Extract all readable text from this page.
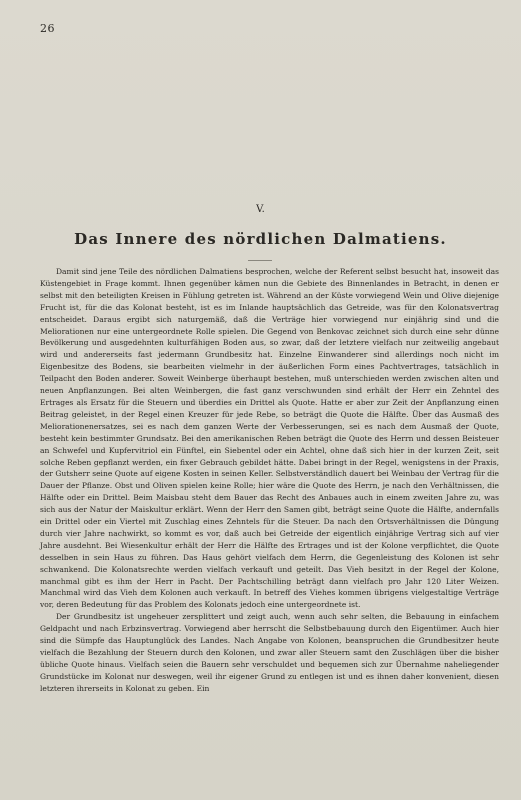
26
V.
Das Innere des nördlichen Dalmatiens.

Damit sind jene Teile des nördlichen Dalmatiens besprochen, welche der Referent selbst besucht hat, insoweit das Küstengebiet in Frage kommt. Ihnen gegenüber kämen nun die Gebiete des Binnenlandes in Betracht, in denen er selbst mit den beteiligten Kreisen in Fühlung getreten ist. Während an der Küste vorwiegend Wein und Olive diejenige Frucht ist, für die das Kolonat besteht, ist es im Inlande hauptsächlich das Getreide, was für den Kolonatsvertrag entscheidet. Daraus ergibt sich naturgemäß, daß die Verträge hier vorwiegend nur einjährig sind und die Meliorationen nur eine untergeordnete Rolle spielen. Die Gegend von Benkovac zeichnet sich durch eine sehr dünne Bevölkerung und ausgedehnten kulturfähigen Boden aus, so zwar, daß der letztere vielfach nur zeitweilig angebaut wird und andererseits fast jedermann Grundbesitz hat. Einzelne Einwanderer sind allerdings noch nicht im Eigenbesitze des Bodens, sie bearbeiten vielmehr in der äußerlichen Form eines Pachtvertrages, tatsächlich in Teilpacht den Boden anderer. Soweit Weinberge überhaupt bestehen, muß unterschieden werden zwischen alten und neuen Anpflanzungen. Bei alten Weinbergen, die fast ganz verschwunden sind erhält der Herr ein Zehntel des Ertrages als Ersatz für die Steuern und überdies ein Drittel als Quote. Hatte er aber zur Zeit der Anpflanzung einen Beitrag geleistet, in der Regel einen Kreuzer für jede Rebe, so beträgt die Quote die Hälfte. Über das Ausmaß des Meliorationenersatzes, sei es nach dem ganzen Werte der Verbesserungen, sei es nach dem Ausmaß der Quote, besteht kein bestimmter Grundsatz. Bei den amerikanischen Reben beträgt die Quote des Herrn und dessen Beisteuer an Schwefel und Kupfervitriol ein Fünftel, ein Siebentel oder ein Achtel, ohne daß sich hier in der kurzen Zeit, seit solche Reben gepflanzt werden, ein fixer Gebrauch gebildet hätte. Dabei bringt in der Regel, wenigstens in der Praxis, der Gutsherr seine Quote auf eigene Kosten in seinen Keller. Selbstverständlich dauert bei Weinbau der Vertrag für die Dauer der Pflanze. Obst und Oliven spielen keine Rolle; hier wäre die Quote des Herrn, je nach den Verhältnissen, die Hälfte oder ein Drittel. Beim Maisbau steht dem Bauer das Recht des Anbaues auch in einem zweiten Jahre zu, was sich aus der Natur der Maiskultur erklärt. Wenn der Herr den Samen gibt, beträgt seine Quote die Hälfte, andernfalls ein Drittel oder ein Viertel mit Zuschlag eines Zehntels für die Steuer. Da nach den Ortsverhältnissen die Düngung durch vier Jahre nachwirkt, so kommt es vor, daß auch bei Getreide der eigentlich einjährige Vertrag sich auf vier Jahre ausdehnt. Bei Wiesenkultur erhält der Herr die Hälfte des Ertrages und ist der Kolone verpflichtet, die Quote desselben in sein Haus zu führen. Das Haus gehört vielfach dem Herrn, die Gegenleistung des Kolonen ist sehr schwankend. Die Kolonatsrechte werden vielfach verkauft und geteilt. Das Vieh besitzt in der Regel der Kolone, manchmal gibt es ihm der Herr in Pacht. Der Pachtschilling beträgt dann vielfach pro Jahr 120 Liter Weizen. Manchmal wird das Vieh dem Kolonen auch verkauft. In betreff des Viehes kommen übrigens vielgestaltige Verträge vor, deren Bedeutung für das Problem des Kolonats jedoch eine untergeordnete ist.

Der Grundbesitz ist ungeheuer zersplittert und zeigt auch, wenn auch sehr selten, die Bebauung in einfachem Geldpacht und nach Erbzinsvertrag. Vorwiegend aber herrscht die Selbstbebauung durch den Eigentümer. Auch hier sind die Sümpfe das Hauptunglück des Landes. Nach Angabe von Kolonen, beanspruchen die Grundbesitzer heute vielfach die Bezahlung der Steuern durch den Kolonen, und zwar aller Steuern samt den Zuschlägen über die bisher übliche Quote hinaus. Vielfach seien die Bauern sehr verschuldet und bequemen sich zur Übernahme naheliegender Grundstücke im Kolonat nur deswegen, weil ihr eigener Grund zu entlegen ist und es ihnen daher konvenient, diesen letzteren ihrerseits in Kolonat zu geben. Ein
